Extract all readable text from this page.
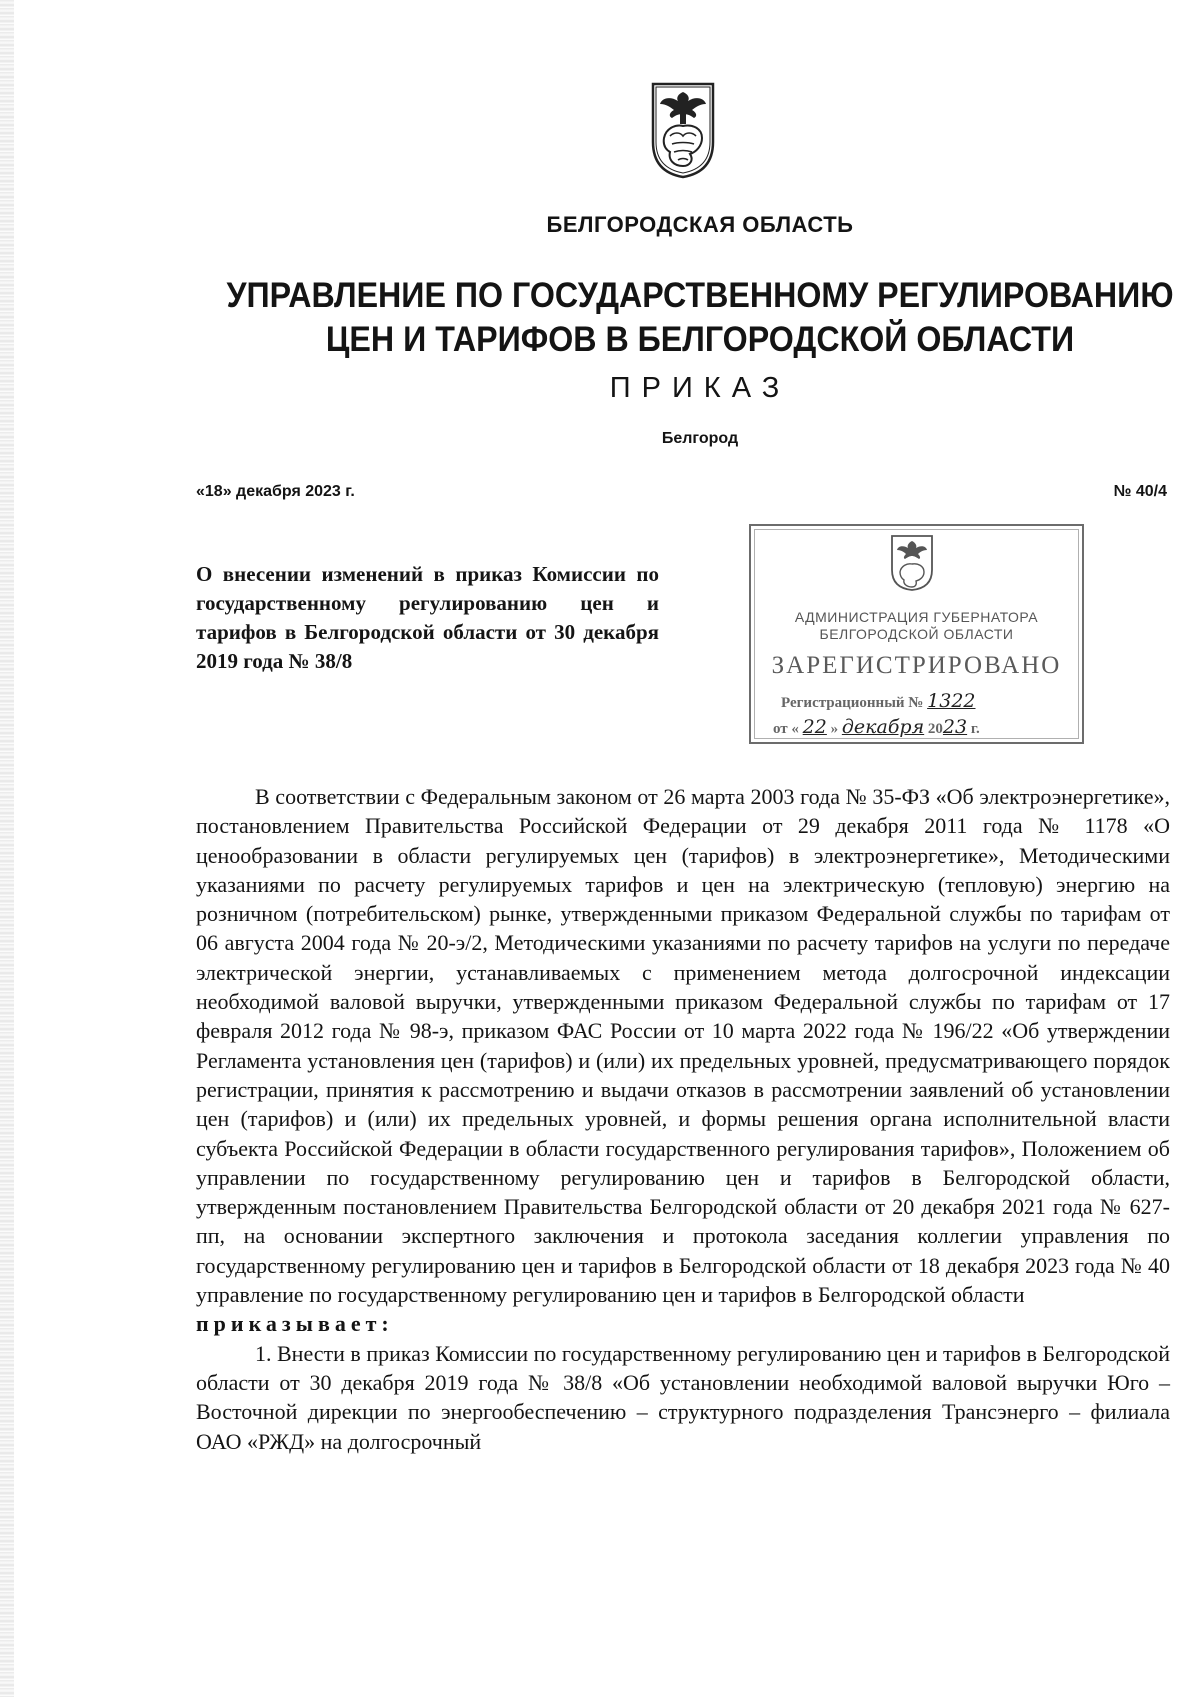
БЕЛГОРОДСКАЯ ОБЛАСТЬ
УПРАВЛЕНИЕ ПО ГОСУДАРСТВЕННОМУ РЕГУЛИРОВАНИЮ
ЦЕН И ТАРИФОВ В БЕЛГОРОДСКОЙ ОБЛАСТИ
ПРИКАЗ
Белгород
«18» декабря 2023 г.	№ 40/4
О внесении изменений в приказ Комиссии по государственному регулированию цен и тарифов в Белгородской области от 30 декабря 2019 года № 38/8
АДМИНИСТРАЦИЯ ГУБЕРНАТОРА
БЕЛГОРОДСКОЙ ОБЛАСТИ
ЗАРЕГИСТРИРОВАНО
Регистрационный № 1322
от « 22 » декабря 2023 г.

В соответствии с Федеральным законом от 26 марта 2003 года № 35-ФЗ «Об электроэнергетике», постановлением Правительства Российской Федерации от 29 декабря 2011 года № 1178 «О ценообразовании в области регулируемых цен (тарифов) в электроэнергетике», Методическими указаниями по расчету регулируемых тарифов и цен на электрическую (тепловую) энергию на розничном (потребительском) рынке, утвержденными приказом Федеральной службы по тарифам от 06 августа 2004 года № 20-э/2, Методическими указаниями по расчету тарифов на услуги по передаче электрической энергии, устанавливаемых с применением метода долгосрочной индексации необходимой валовой выручки, утвержденными приказом Федеральной службы по тарифам от 17 февраля 2012 года № 98-э, приказом ФАС России от 10 марта 2022 года № 196/22 «Об утверждении Регламента установления цен (тарифов) и (или) их предельных уровней, предусматривающего порядок регистрации, принятия к рассмотрению и выдачи отказов в рассмотрении заявлений об установлении цен (тарифов) и (или) их предельных уровней, и формы решения органа исполнительной власти субъекта Российской Федерации в области государственного регулирования тарифов», Положением об управлении по государственному регулированию цен и тарифов в Белгородской области, утвержденным постановлением Правительства Белгородской области от 20 декабря 2021 года № 627-пп, на основании экспертного заключения и протокола заседания коллегии управления по государственному регулированию цен и тарифов в Белгородской области от 18 декабря 2023 года № 40 управление по государственному регулированию цен и тарифов в Белгородской области

приказывает:

1. Внести в приказ Комиссии по государственному регулированию цен и тарифов в Белгородской области от 30 декабря 2019 года № 38/8 «Об установлении необходимой валовой выручки Юго – Восточной дирекции по энергообеспечению – структурного подразделения Трансэнерго – филиала ОАО «РЖД» на долгосрочный
